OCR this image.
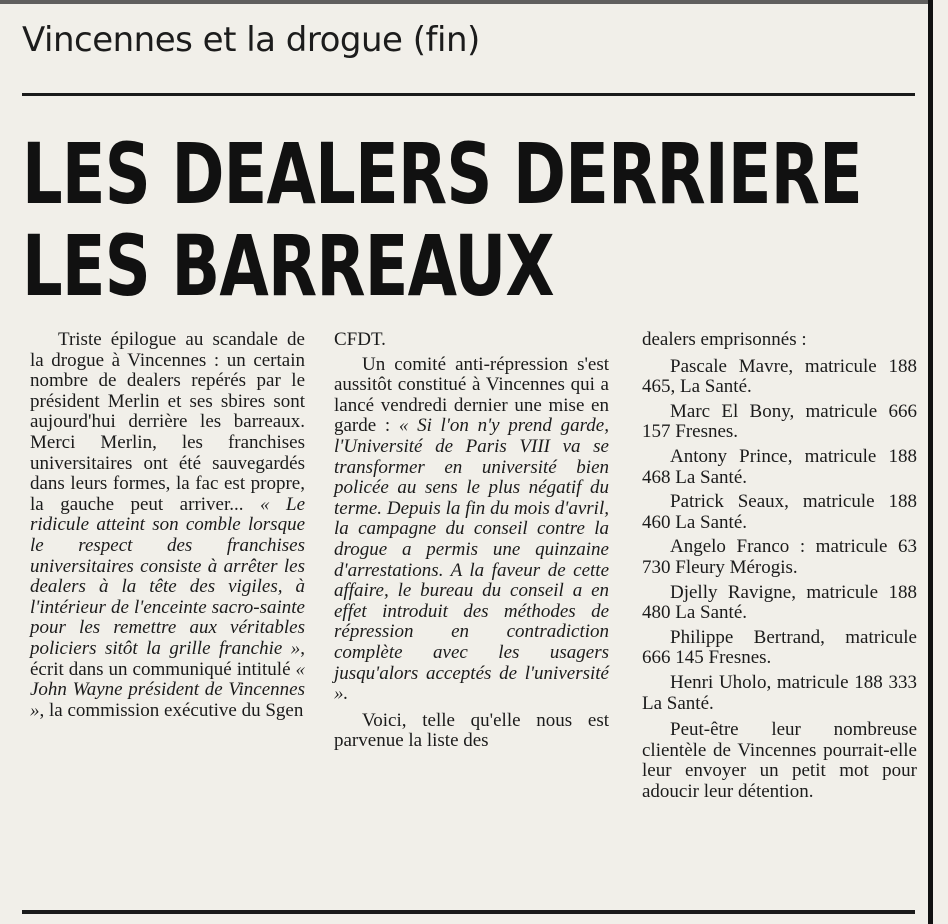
Vincennes et la drogue (fin)
LES DEALERS DERRIERE
LES BARREAUX

Triste épilogue au scandale de la drogue à Vincennes : un certain nombre de dealers repérés par le président Merlin et ses sbires sont aujourd'hui derrière les barreaux. Merci Merlin, les franchises universitaires ont été sauvegardés dans leurs formes, la fac est propre, la gauche peut arriver... « Le ridicule atteint son comble lorsque le respect des franchises universitaires consiste à arrêter les dealers à la tête des vigiles, à l'intérieur de l'enceinte sacro-sainte pour les remettre aux véritables policiers sitôt la grille franchie », écrit dans un communiqué intitulé « John Wayne président de Vincennes », la commission exécutive du Sgen

CFDT.

Un comité anti-répression s'est aussitôt constitué à Vincennes qui a lancé vendredi dernier une mise en garde : « Si l'on n'y prend garde, l'Université de Paris VIII va se transformer en université bien policée au sens le plus négatif du terme. Depuis la fin du mois d'avril, la campagne du conseil contre la drogue a permis une quinzaine d'arrestations. A la faveur de cette affaire, le bureau du conseil a en effet introduit des méthodes de répression en contradiction complète avec les usagers jusqu'alors acceptés de l'université ».

Voici, telle qu'elle nous est parvenue la liste des

dealers emprisonnés :

Pascale Mavre, matricule 188 465, La Santé.

Marc El Bony, matricule 666 157 Fresnes.

Antony Prince, matricule 188 468 La Santé.

Patrick Seaux, matricule 188 460 La Santé.

Angelo Franco : matricule 63 730 Fleury Mérogis.

Djelly Ravigne, matricule 188 480 La Santé.

Philippe Bertrand, matricule 666 145 Fresnes.

Henri Uholo, matricule 188 333 La Santé.

Peut-être leur nombreuse clientèle de Vincennes pourrait-elle leur envoyer un petit mot pour adoucir leur détention.
